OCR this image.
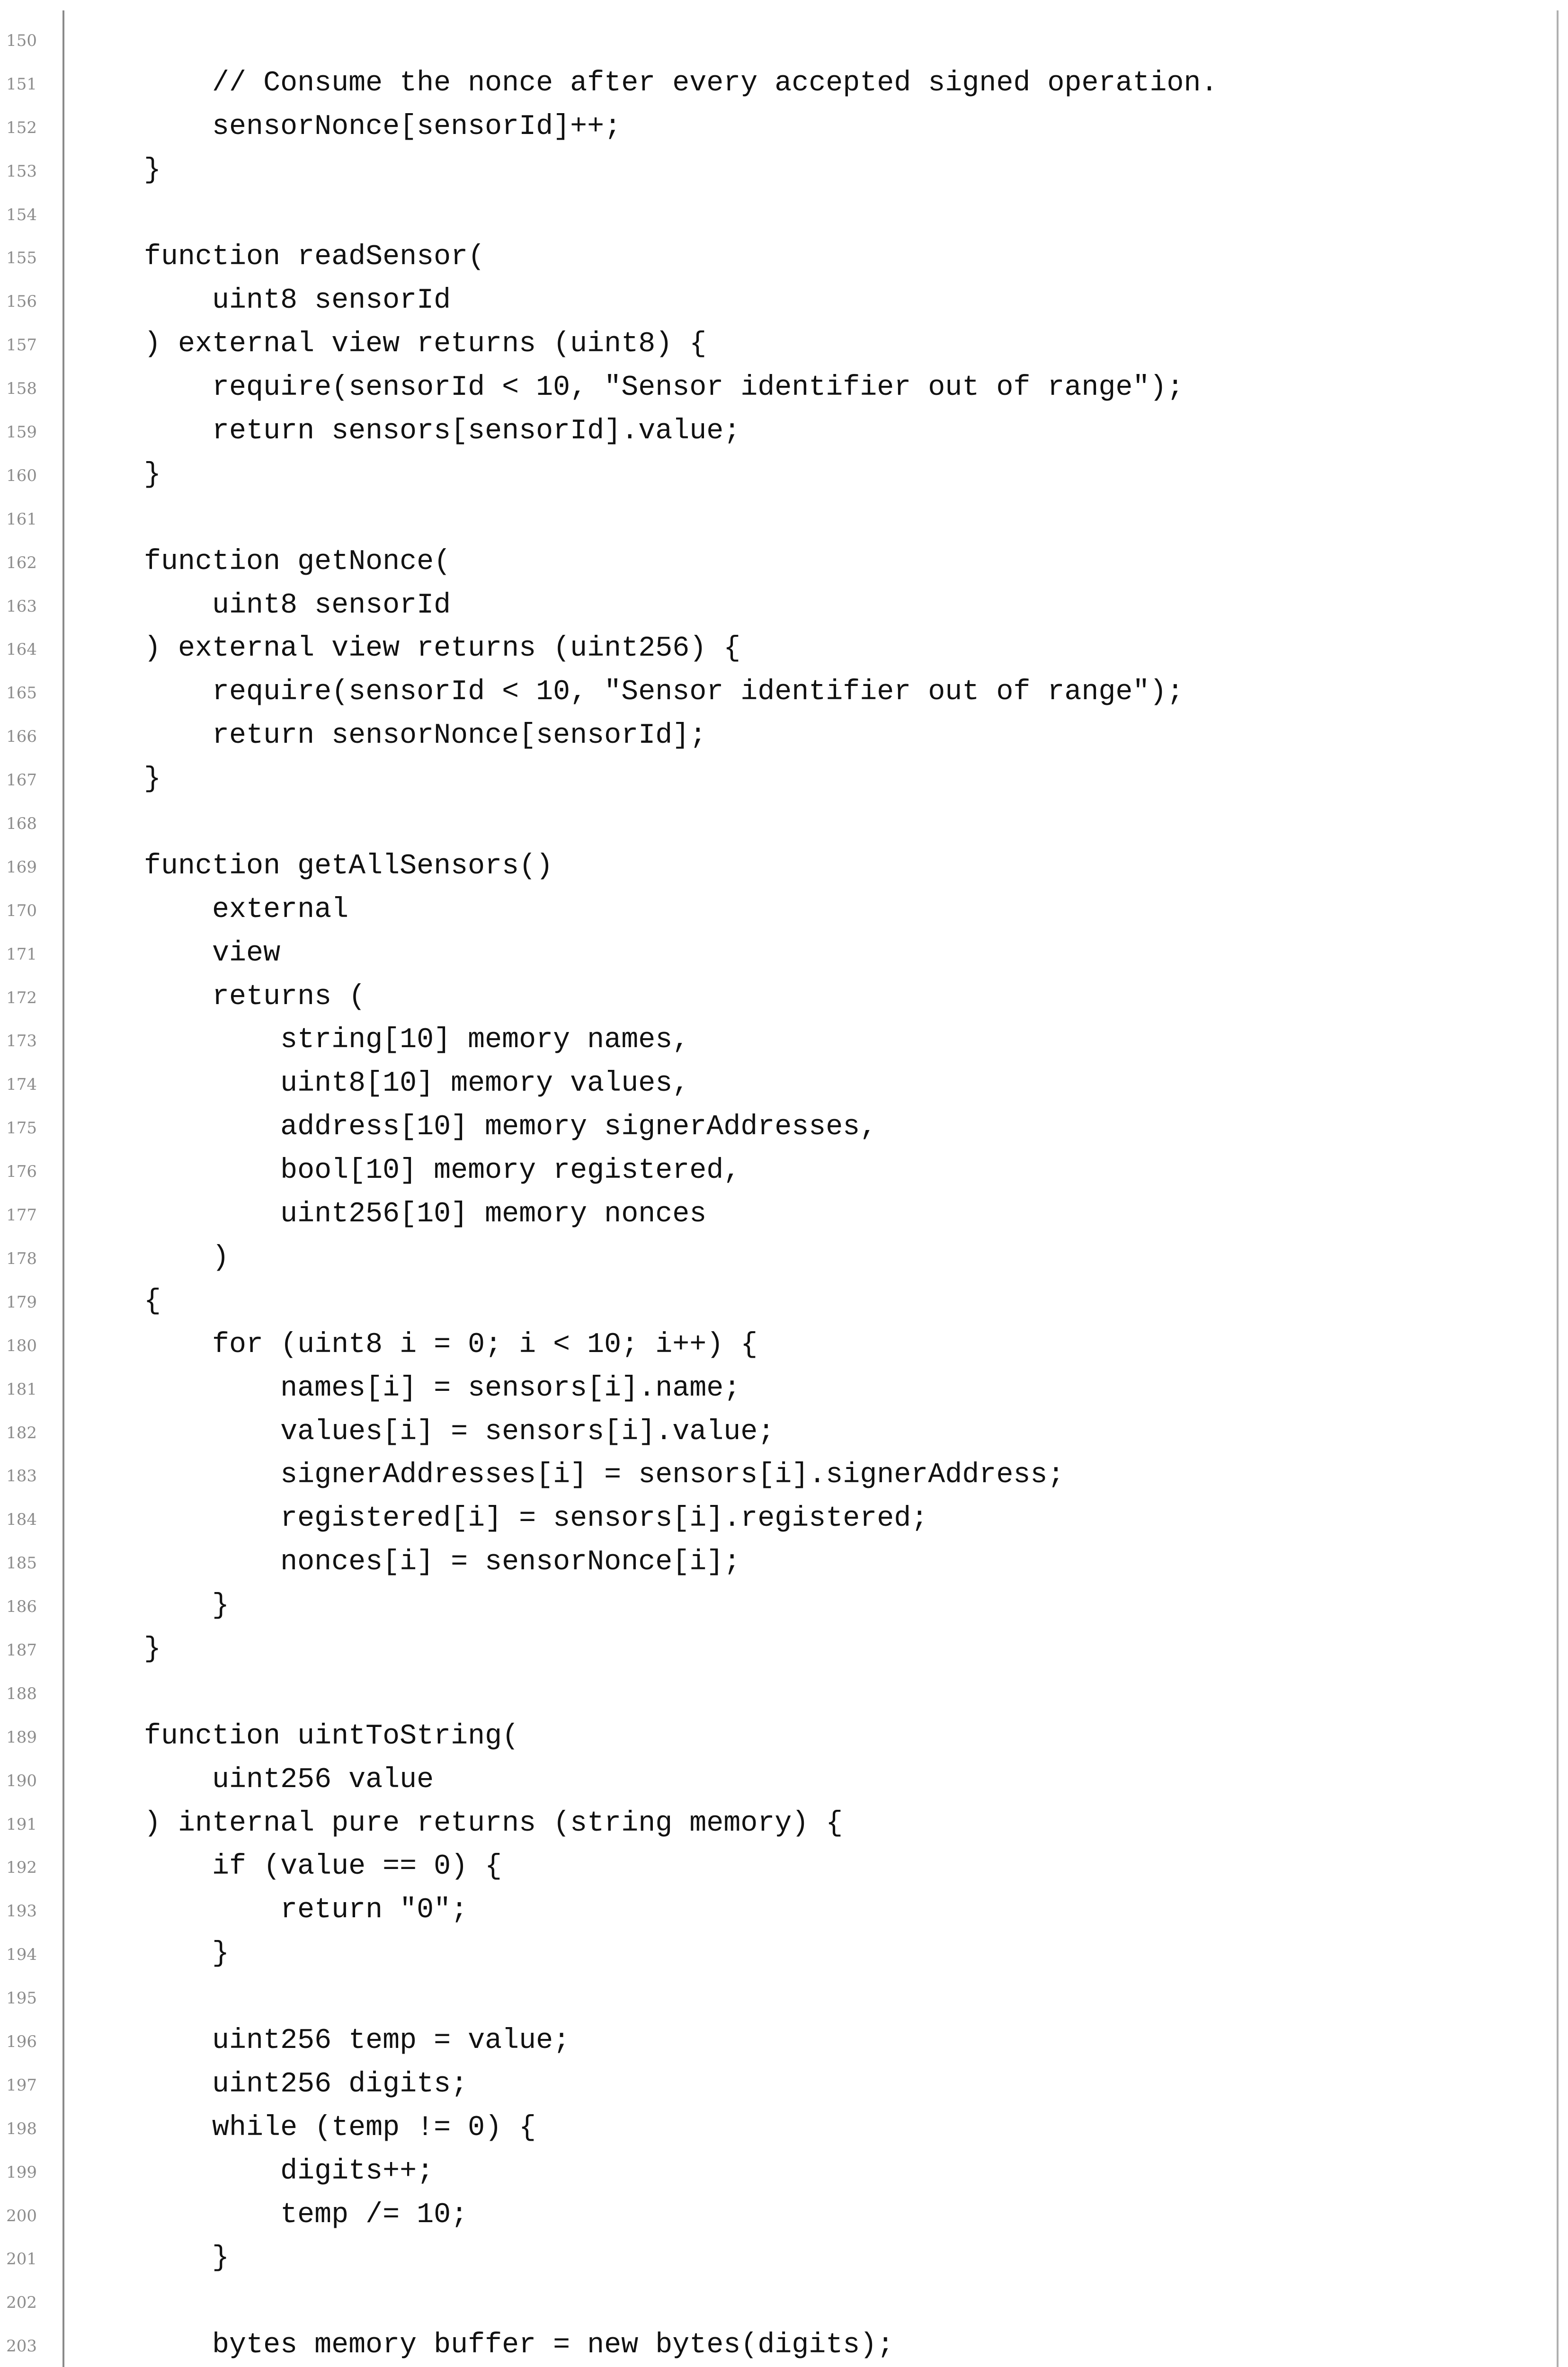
150
151 // Consume the nonce after every accepted signed operation.
152 sensorNonce[sensorId]++;
153 }
154
155 function readSensor(
156 uint8 sensorId
157 ) external view returns (uint8) {
158 require(sensorId < 10, "Sensor identifier out of range");
159 return sensors[sensorId].value;
160 }
161
162 function getNonce(
163 uint8 sensorId
164 ) external view returns (uint256) {
165 require(sensorId < 10, "Sensor identifier out of range");
166 return sensorNonce[sensorId];
167 }
168
169 function getAllSensors()
170 external
171 view
172 returns (
173 string[10] memory names,
174 uint8[10] memory values,
175 address[10] memory signerAddresses,
176 bool[10] memory registered,
177 uint256[10] memory nonces
178 )
179 {
180 for (uint8 i = 0; i < 10; i++) {
181 names[i] = sensors[i].name;
182 values[i] = sensors[i].value;
183 signerAddresses[i] = sensors[i].signerAddress;
184 registered[i] = sensors[i].registered;
185 nonces[i] = sensorNonce[i];
186 }
187 }
188
189 function uintToString(
190 uint256 value
191 ) internal pure returns (string memory) {
192 if (value == 0) {
193 return "0";
194 }
195
196 uint256 temp = value;
197 uint256 digits;
198 while (temp != 0) {
199 digits++;
200 temp /= 10;
201 }
202
203 bytes memory buffer = new bytes(digits);
